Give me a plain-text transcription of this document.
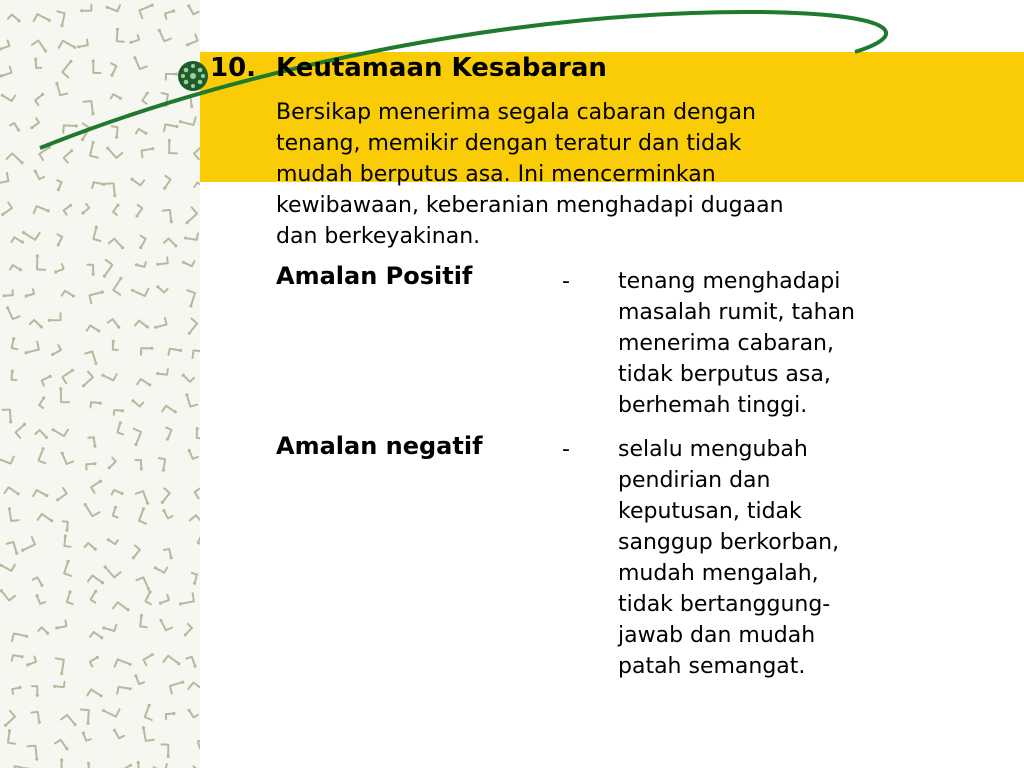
10. Keutamaan Kesabaran
Bersikap menerima segala cabaran dengan
tenang, memikir dengan teratur dan tidak
mudah berputus asa. Ini mencerminkan
kewibawaan, keberanian menghadapi dugaan
dan berkeyakinan.
Amalan Positif	- tenang menghadapi
masalah rumit, tahan
menerima cabaran,
tidak berputus asa,
berhemah tinggi.
Amalan negatif	- selalu mengubah
pendirian dan
keputusan, tidak
sanggup berkorban,
mudah mengalah,
tidak bertanggung-
jawab dan mudah
patah semangat.
